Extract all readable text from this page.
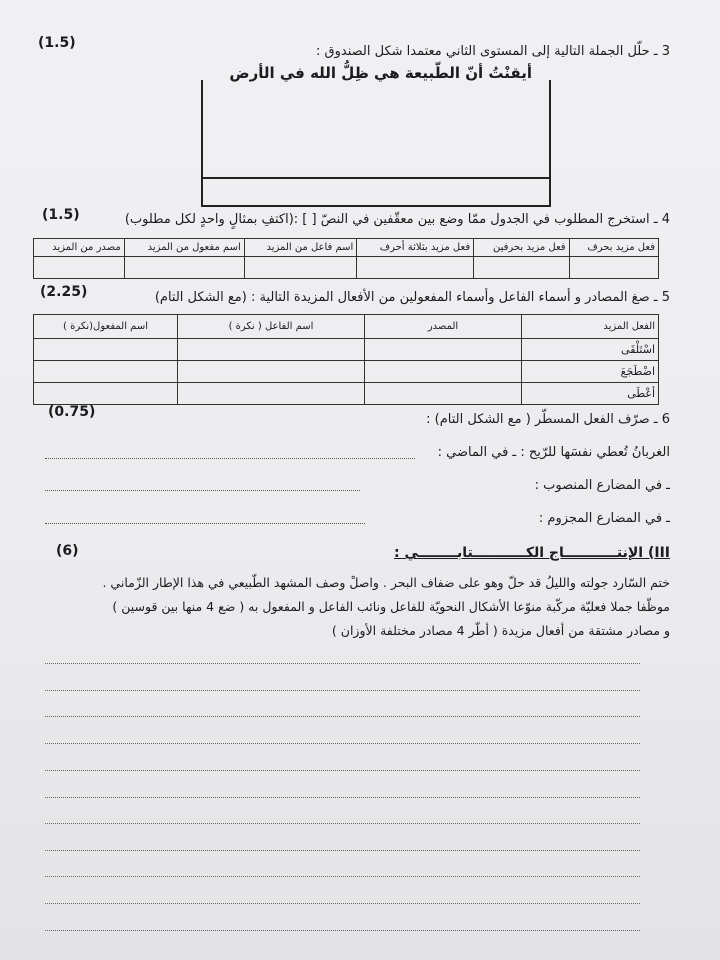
(1.5)
3 ـ حلّل الجملة التالية إلى المستوى الثاني معتمدا شكل الصندوق :
أيقنْتُ أنّ الطّبيعة هي ظِلُّ الله في الأرض
(1.5)	4 ـ استخرج المطلوب في الجدول ممّا وضع بين معقّفين في النصّ [ ] :(اكتفِ بمثالٍ واحدٍ لكل مطلوب)
فعل مزيد بحرف	فعل مزيد بحرفين	فعل مزيد بثلاثة أحرف	اسم فاعل من المزيد	اسم مفعول من المزيد	مصدر من المزيد

(2.25)	5 ـ صغ المصادر و أسماء الفاعل وأسماء المفعولين من الأفعال المزيدة التالية : (مع الشكل التام)
الفعل المزيد	المصدر	اسم الفاعل ( نكرة )	اسم المفعول(نكرة )
اسْتَلْقَى			
اضْطَجَعَ			
أعْطَى			
(0.75)	6 ـ صرّف الفعل المسطّر ( مع الشكل التام) :
الغربانُ تُعطي نفسَها للرّيح : ـ في الماضي :
ـ في المضارع المنصوب :
ـ في المضارع المجزوم :
(6)	III) الإنتـــــــــــاج الكـــــــــــتابــــــــي :
ختم السّارد جولته والليلُ قد حلّ وهو على ضفاف البحر . واصلْ وصف المشهد الطّبيعي في هذا الإطار الزّماني .
موظّفا جملا فعليّة مركّبة منوّعا الأشكال النحويّة للفاعل ونائب الفاعل و المفعول به ( ضع 4 منها بين قوسين )
و مصادر مشتقة من أفعال مزيدة ( أطّر 4 مصادر مختلفة الأوزان )
